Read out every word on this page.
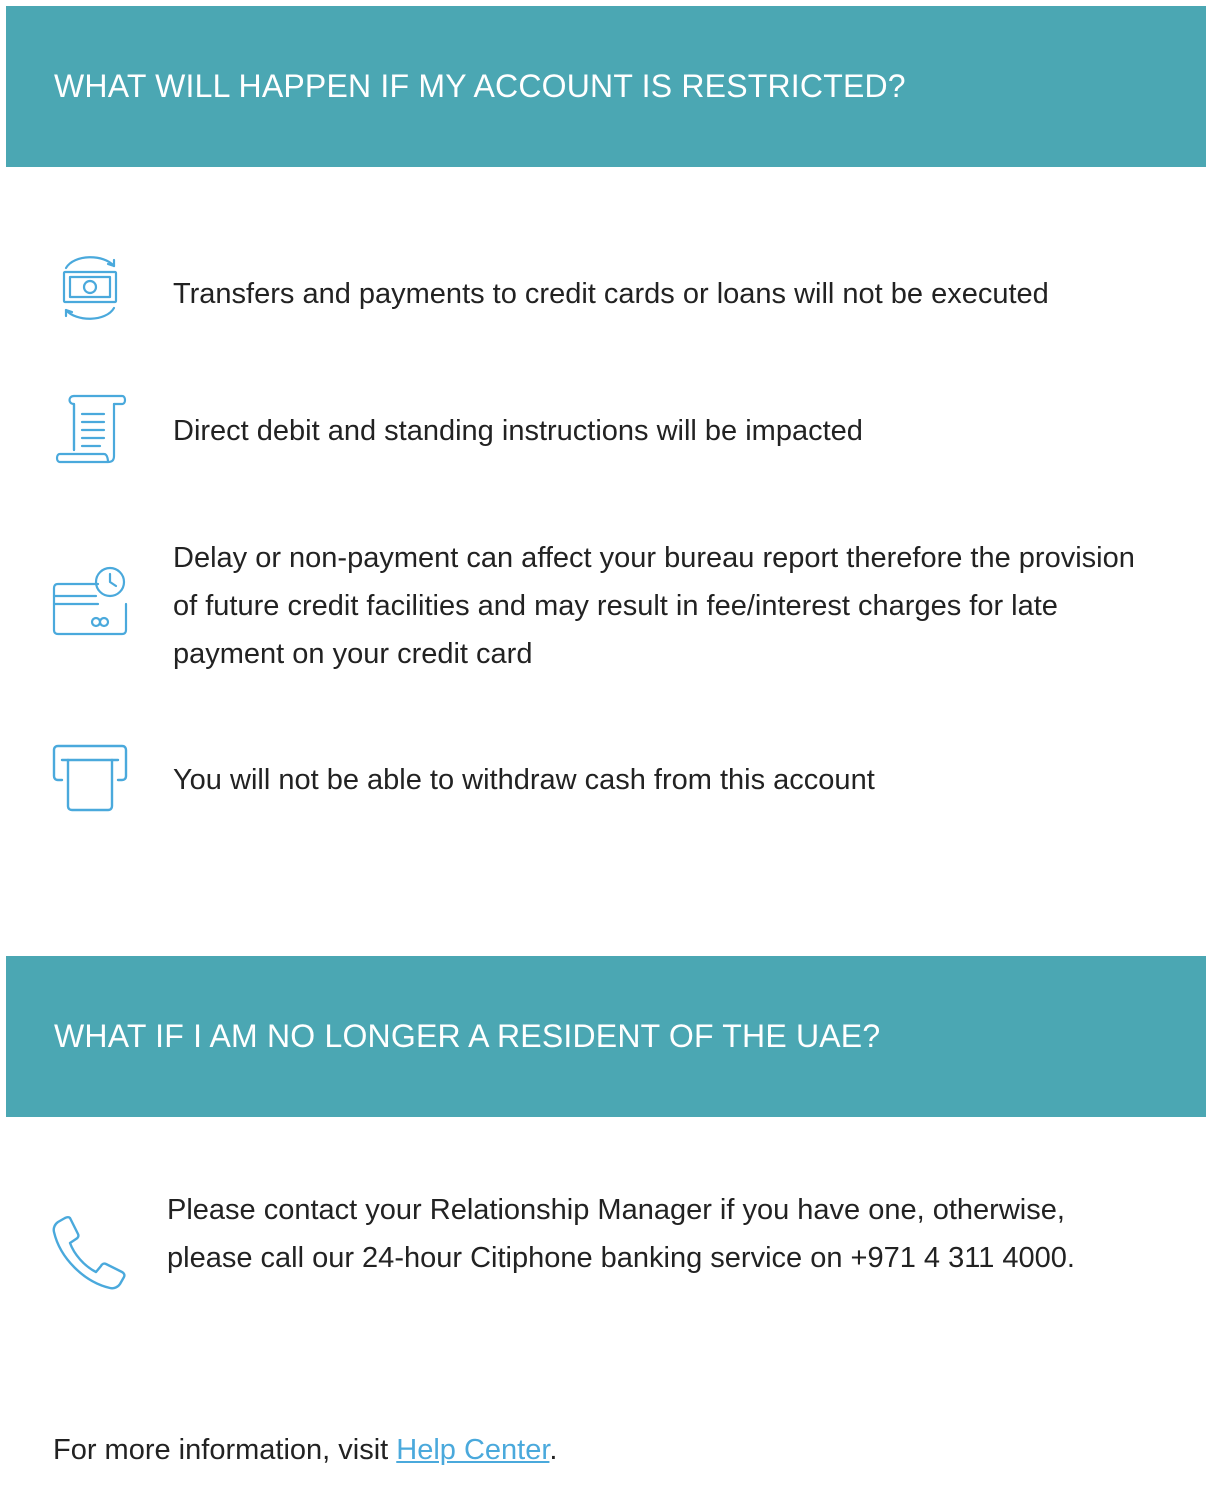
WHAT WILL HAPPEN IF MY ACCOUNT IS RESTRICTED?
Transfers and payments to credit cards or loans will not be executed
Direct debit and standing instructions will be impacted
Delay or non-payment can affect your bureau report therefore the provision of future credit facilities and may result in fee/interest charges for late payment on your credit card
You will not be able to withdraw cash from this account
WHAT IF I AM NO LONGER A RESIDENT OF THE UAE?
Please contact your Relationship Manager if you have one, otherwise, please call our 24-hour Citiphone banking service on +971 4 311 4000.
For more information, visit Help Center.
